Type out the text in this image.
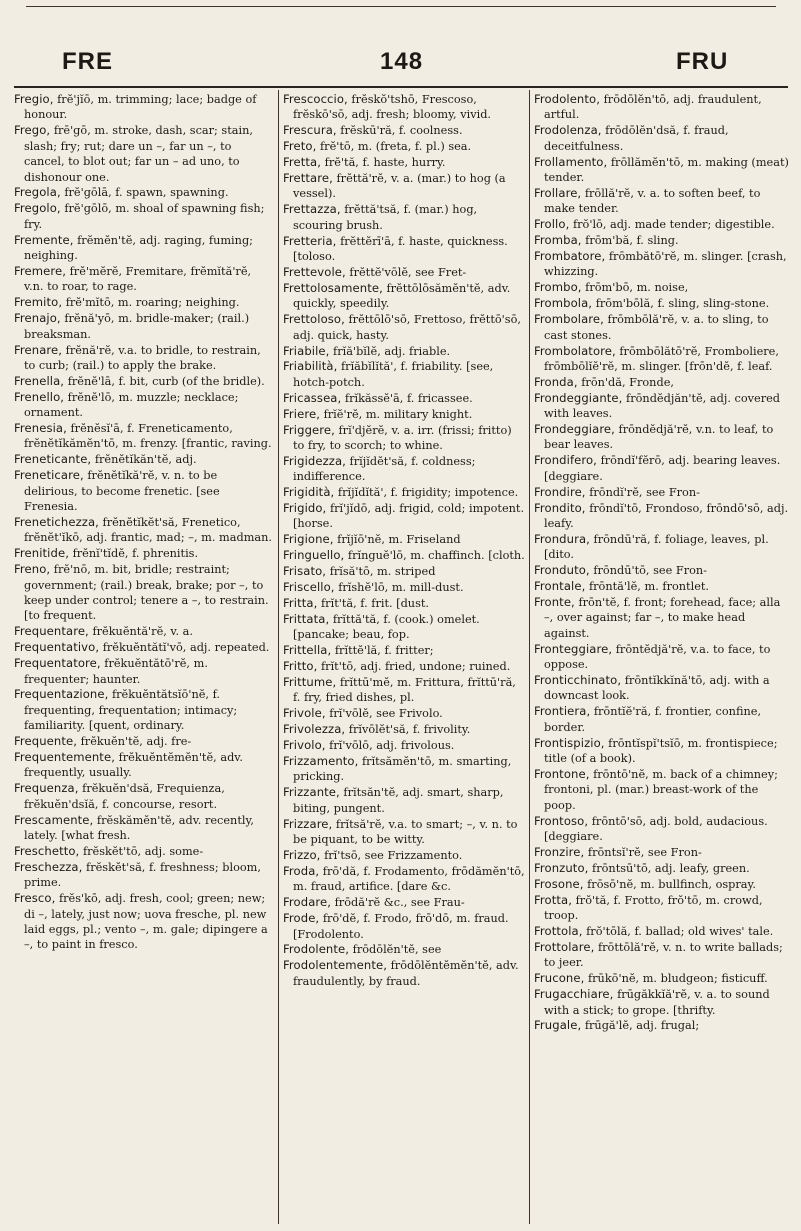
FRE	148	FRU

Fregio, frĕ'jĭō, m. trimming; lace; badge of honour.

Frego, frē'gō, m. stroke, dash, scar; stain, slash; fry; rut; dare un –, far un –, to cancel, to blot out; far un – ad uno, to dishonour one.

Fregola, frĕ'gōlā, f. spawn, spawning.

Fregolo, frĕ'gōlō, m. shoal of spawning fish; fry.

Fremente, frĕmĕn'tĕ, adj. raging, fuming; neighing.

Fremere, frĕ'mĕrĕ, Fremitare, frĕmĭtă'rĕ, v.n. to roar, to rage.

Fremito, frĕ'mĭtō, m. roaring; neighing.

Frenajo, frĕnă'yō, m. bridle-maker; (rail.) breaksman.

Frenare, frĕnă'rĕ, v.a. to bridle, to restrain, to curb; (rail.) to apply the brake.

Frenella, frĕnĕ'lā, f. bit, curb (of the bridle).

Frenello, frĕnĕ'lō, m. muzzle; necklace; ornament.

Frenesia, frĕnĕsĭ'ā, f. Freneticamento, frĕnĕtĭkămĕn'tō, m. frenzy. [frantic, raving.

Freneticante, frĕnĕtĭkăn'tĕ, adj.

Freneticare, frĕnĕtĭkă'rĕ, v. n. to be delirious, to become frenetic. [see Frenesia.

Frenetichezza, frĕnĕtĭkĕt'să, Frenetico, frĕnĕt'ĭkō, adj. frantic, mad; –, m. madman.

Frenitide, frĕnĭ'tĭdĕ, f. phrenitis.

Freno, frĕ'nō, m. bit, bridle; restraint; government; (rail.) break, brake; por –, to keep under control; tenere a –, to restrain. [to frequent.

Frequentare, frĕkuĕntă'rĕ, v. a.

Frequentativo, frĕkuĕntătĭ'vō, adj. repeated.

Frequentatore, frĕkuĕntătō'rĕ, m. frequenter; haunter.

Frequentazione, frĕkuĕntătsĭō'nĕ, f. frequenting, frequentation; intimacy; familiarity. [quent, ordinary.

Frequente, frĕkuĕn'tĕ, adj. fre-

Frequentemente, frĕkuĕntĕmĕn'tĕ, adv. frequently, usually.

Frequenza, frĕkuĕn'dsă, Frequienza, frĕkuĕn'dsĭă, f. concourse, resort.

Frescamente, frĕskămĕn'tĕ, adv. recently, lately. [what fresh.

Freschetto, frĕskĕt'tō, adj. some-

Freschezza, frĕskĕt'să, f. freshness; bloom, prime.

Fresco, frĕs'kō, adj. fresh, cool; green; new; di –, lately, just now; uova fresche, pl. new laid eggs, pl.; vento –, m. gale; dipingere a –, to paint in fresco.

Frescoccio, frĕskŏ'tshō, Frescoso, frĕskō'sō, adj. fresh; bloomy, vivid.

Frescura, frĕskū'ră, f. coolness.

Freto, frĕ'tō, m. (freta, f. pl.) sea.

Fretta, frĕ'tă, f. haste, hurry.

Frettare, frĕttă'rĕ, v. a. (mar.) to hog (a vessel).

Frettazza, frĕttă'tsă, f. (mar.) hog, scouring brush.

Fretteria, frĕttĕrī'ā, f. haste, quickness. [toloso.

Frettevole, frĕttĕ'vōlĕ, see Fret-

Frettolosamente, frĕttōlōsămĕn'tĕ, adv. quickly, speedily.

Frettoloso, frĕttōlō'sō, Frettoso, frĕttō'sō, adj. quick, hasty.

Friabile, frĭă'bĭlĕ, adj. friable.

Friabilità, frĭăbĭlĭtă', f. friability. [see, hotch-potch.

Fricassea, frĭkăssĕ'ā, f. fricassee.

Friere, frĭĕ'rĕ, m. military knight.

Friggere, frĭ'djĕrĕ, v. a. irr. (frissi; fritto) to fry, to scorch; to whine.

Frigidezza, frĭjĭdĕt'să, f. coldness; indifference.

Frigidità, frĭjĭdĭtă', f. frigidity; impotence.

Frigido, frĭ'jĭdō, adj. frigid, cold; impotent. [horse.

Frigione, frĭjĭō'nĕ, m. Friseland

Fringuello, frĭnguĕ'lō, m. chaffinch. [cloth.

Frisato, frĭsă'tō, m. striped

Friscello, frĭshĕ'lō, m. mill-dust.

Fritta, frĭt'tă, f. frit. [dust.

Frittata, frĭttă'tă, f. (cook.) omelet. [pancake; beau, fop.

Frittella, frĭttĕ'lă, f. fritter;

Fritto, frĭt'tō, adj. fried, undone; ruined.

Frittume, frĭttū'mĕ, m. Frittura, frĭttū'ră, f. fry, fried dishes, pl.

Frivole, frĭ'vōlĕ, see Frivolo.

Frivolezza, frĭvōlĕt'să, f. frivolity.

Frivolo, frĭ'vōlō, adj. frivolous.

Frizzamento, frĭtsămĕn'tō, m. smarting, pricking.

Frizzante, frĭtsăn'tĕ, adj. smart, sharp, biting, pungent.

Frizzare, frĭtsă'rĕ, v.a. to smart; –, v. n. to be piquant, to be witty.

Frizzo, frĭ'tsō, see Frizzamento.

Froda, frō'dă, f. Frodamento, frōdămĕn'tō, m. fraud, artifice. [dare &c.

Frodare, frōdă'rĕ &c., see Frau-

Frode, frō'dĕ, f. Frodo, frō'dō, m. fraud. [Frodolento.

Frodolente, frōdōlĕn'tĕ, see

Frodolentemente, frōdōlĕntĕmĕn'tĕ, adv. fraudulently, by fraud.

Frodolento, frōdōlĕn'tō, adj. fraudulent, artful.

Frodolenza, frōdōlĕn'dsă, f. fraud, deceitfulness.

Frollamento, frōllămĕn'tō, m. making (meat) tender.

Frollare, frōllă'rĕ, v. a. to soften beef, to make tender.

Frollo, frŏ'lō, adj. made tender; digestible.

Fromba, frōm'bă, f. sling.

Frombatore, frōmbătō'rĕ, m. slinger. [crash, whizzing.

Frombo, frōm'bō, m. noise,

Frombola, frōm'bōlă, f. sling, sling-stone.

Frombolare, frōmbōlă'rĕ, v. a. to sling, to cast stones.

Frombolatore, frōmbōlătō'rĕ, Fromboliere, frōmbōlĭĕ'rĕ, m. slinger. [frōn'dĕ, f. leaf.

Fronda, frōn'dă, Fronde,

Frondeggiante, frōndĕdjăn'tĕ, adj. covered with leaves.

Frondeggiare, frōndĕdjă'rĕ, v.n. to leaf, to bear leaves.

Frondifero, frōndĭ'fĕrō, adj. bearing leaves. [deggiare.

Frondire, frōndĭ'rĕ, see Fron-

Frondito, frōndĭ'tō, Frondoso, frōndō'sō, adj. leafy.

Frondura, frōndū'ră, f. foliage, leaves, pl. [dito.

Fronduto, frōndū'tō, see Fron-

Frontale, frōntă'lĕ, m. frontlet.

Fronte, frōn'tĕ, f. front; forehead, face; alla –, over against; far –, to make head against.

Fronteggiare, frōntĕdjă'rĕ, v.a. to face, to oppose.

Fronticchinato, frōntĭkkĭnă'tō, adj. with a downcast look.

Frontiera, frōntĭĕ'ră, f. frontier, confine, border.

Frontispizio, frōntĭspĭ'tsĭō, m. frontispiece; title (of a book).

Frontone, frōntō'nĕ, m. back of a chimney; frontoni, pl. (mar.) breast-work of the poop.

Frontoso, frōntō'sō, adj. bold, audacious. [deggiare.

Fronzire, frōntsĭ'rĕ, see Fron-

Fronzuto, frōntsū'tō, adj. leafy, green.

Frosone, frōsō'nĕ, m. bullfinch, ospray.

Frotta, frŏ'tă, f. Frotto, frŏ'tō, m. crowd, troop.

Frottola, frŏ'tōlă, f. ballad; old wives' tale.

Frottolare, frōttōlă'rĕ, v. n. to write ballads; to jeer.

Frucone, frūkō'nĕ, m. bludgeon; fisticuff.

Frugacchiare, frūgăkkĭă'rĕ, v. a. to sound with a stick; to grope. [thrifty.

Frugale, frūgă'lĕ, adj. frugal;
